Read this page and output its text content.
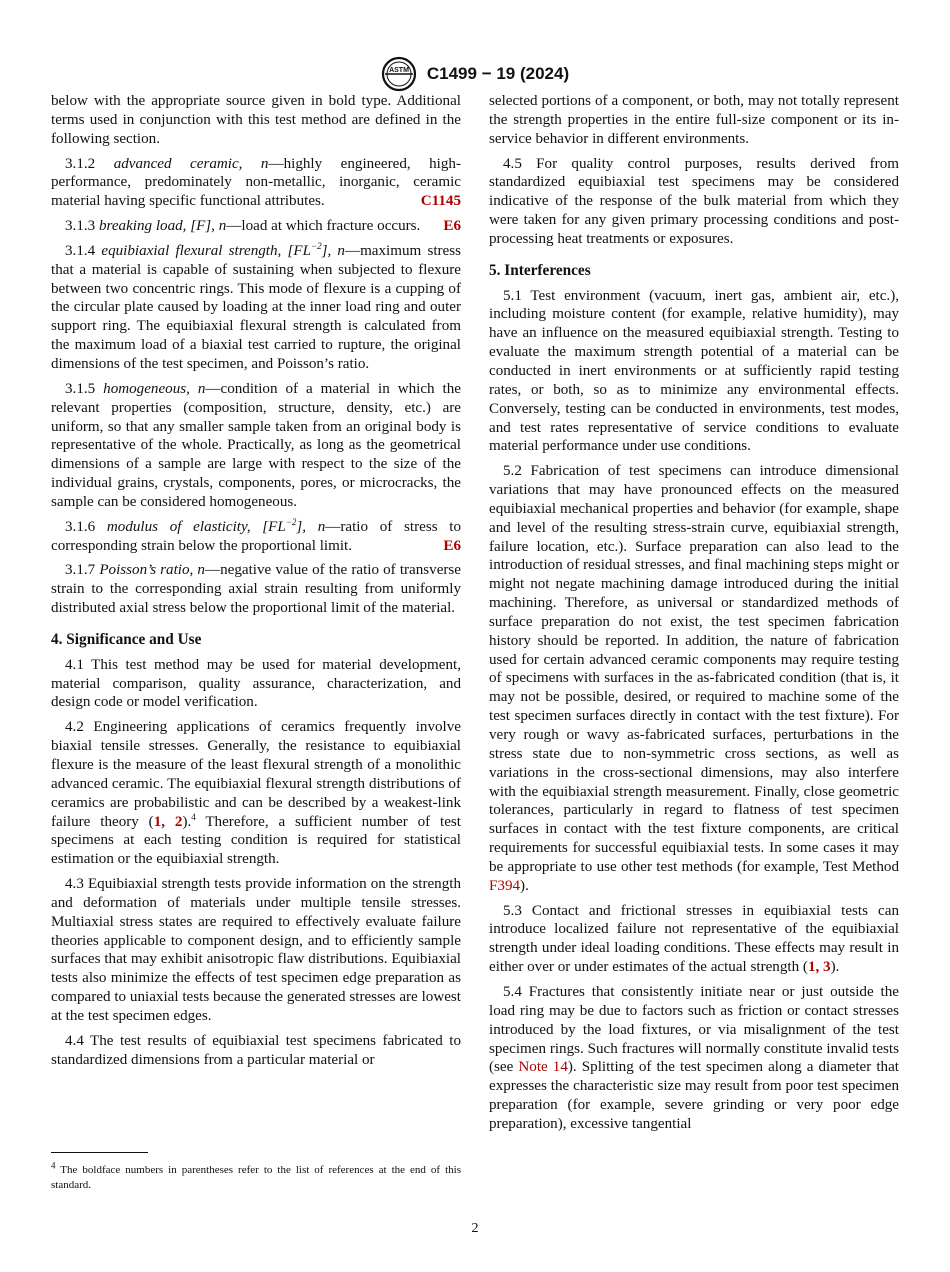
ASTM C1499 − 19 (2024)

below with the appropriate source given in bold type. Additional terms used in conjunction with this test method are defined in the following section.

3.1.2 advanced ceramic, n—highly engineered, high-performance, predominately non-metallic, inorganic, ceramic material having specific functional attributes.	C1145

3.1.3 breaking load, [F], n—load at which fracture occurs.	E6

3.1.4 equibiaxial flexural strength, $[FL^{-2}]$, n—maximum stress that a material is capable of sustaining when subjected to flexure between two concentric rings. This mode of flexure is a cupping of the circular plate caused by loading at the inner load ring and outer support ring. The equibiaxial flexural strength is calculated from the maximum load of a biaxial test carried to rupture, the original dimensions of the test specimen, and Poisson’s ratio.

3.1.5 homogeneous, n—condition of a material in which the relevant properties (composition, structure, density, etc.) are uniform, so that any smaller sample taken from an original body is representative of the whole. Practically, as long as the geometrical dimensions of a sample are large with respect to the size of the individual grains, crystals, components, pores, or microcracks, the sample can be considered homogeneous.

3.1.6 modulus of elasticity, $[FL^{-2}]$, n—ratio of stress to corresponding strain below the proportional limit.	E6

3.1.7 Poisson’s ratio, n—negative value of the ratio of transverse strain to the corresponding axial strain resulting from uniformly distributed axial stress below the proportional limit of the material.

4. Significance and Use

4.1 This test method may be used for material development, material comparison, quality assurance, characterization, and design code or model verification.

4.2 Engineering applications of ceramics frequently involve biaxial tensile stresses. Generally, the resistance to equibiaxial flexure is the measure of the least flexural strength of a monolithic advanced ceramic. The equibiaxial flexural strength distributions of ceramics are probabilistic and can be described by a weakest-link failure theory (1, 2).$^4$ Therefore, a sufficient number of test specimens at each testing condition is required for statistical estimation or the equibiaxial strength.

4.3 Equibiaxial strength tests provide information on the strength and deformation of materials under multiple tensile stresses. Multiaxial stress states are required to effectively evaluate failure theories applicable to component design, and to efficiently sample surfaces that may exhibit anisotropic flaw distributions. Equibiaxial tests also minimize the effects of test specimen edge preparation as compared to uniaxial tests because the generated stresses are lowest at the test specimen edges.

4.4 The test results of equibiaxial test specimens fabricated to standardized dimensions from a particular material or

selected portions of a component, or both, may not totally represent the strength properties in the entire full-size component or its in-service behavior in different environments.

4.5 For quality control purposes, results derived from standardized equibiaxial test specimens may be considered indicative of the response of the bulk material from which they were taken for any given primary processing conditions and post-processing heat treatments or exposures.

5. Interferences

5.1 Test environment (vacuum, inert gas, ambient air, etc.), including moisture content (for example, relative humidity), may have an influence on the measured equibiaxial strength. Testing to evaluate the maximum strength potential of a material can be conducted in inert environments or at sufficiently rapid testing rates, or both, so as to minimize any environmental effects. Conversely, testing can be conducted in environments, test modes, and test rates representative of service conditions to evaluate material performance under use conditions.

5.2 Fabrication of test specimens can introduce dimensional variations that may have pronounced effects on the measured equibiaxial mechanical properties and behavior (for example, shape and level of the resulting stress-strain curve, equibiaxial strength, failure location, etc.). Surface preparation can also lead to the introduction of residual stresses, and final machining steps might or might not negate machining damage introduced during the initial machining. Therefore, as universal or standardized methods of surface preparation do not exist, the test specimen fabrication history should be reported. In addition, the nature of fabrication used for certain advanced ceramic components may require testing of specimens with surfaces in the as-fabricated condition (that is, it may not be possible, desired, or required to machine some of the test specimen surfaces directly in contact with the test fixture). For very rough or wavy as-fabricated surfaces, perturbations in the stress state due to non-symmetric cross sections, as well as variations in the cross-sectional dimensions, may also interfere with the equibiaxial strength measurement. Finally, close geometric tolerances, particularly in regard to flatness of test specimen surfaces in contact with the test fixture components, are critical requirements for successful equibiaxial tests. In some cases it may be appropriate to use other test methods (for example, Test Method F394).

5.3 Contact and frictional stresses in equibiaxial tests can introduce localized failure not representative of the equibiaxial strength under ideal loading conditions. These effects may result in either over or under estimates of the actual strength (1, 3).

5.4 Fractures that consistently initiate near or just outside the load ring may be due to factors such as friction or contact stresses introduced by the load fixtures, or via misalignment of the test specimen rings. Such fractures will normally constitute invalid tests (see Note 14). Splitting of the test specimen along a diameter that expresses the characteristic size may result from poor test specimen preparation (for example, severe grinding or very poor edge preparation), excessive tangential

$^4$ The boldface numbers in parentheses refer to the list of references at the end of this standard.
2
